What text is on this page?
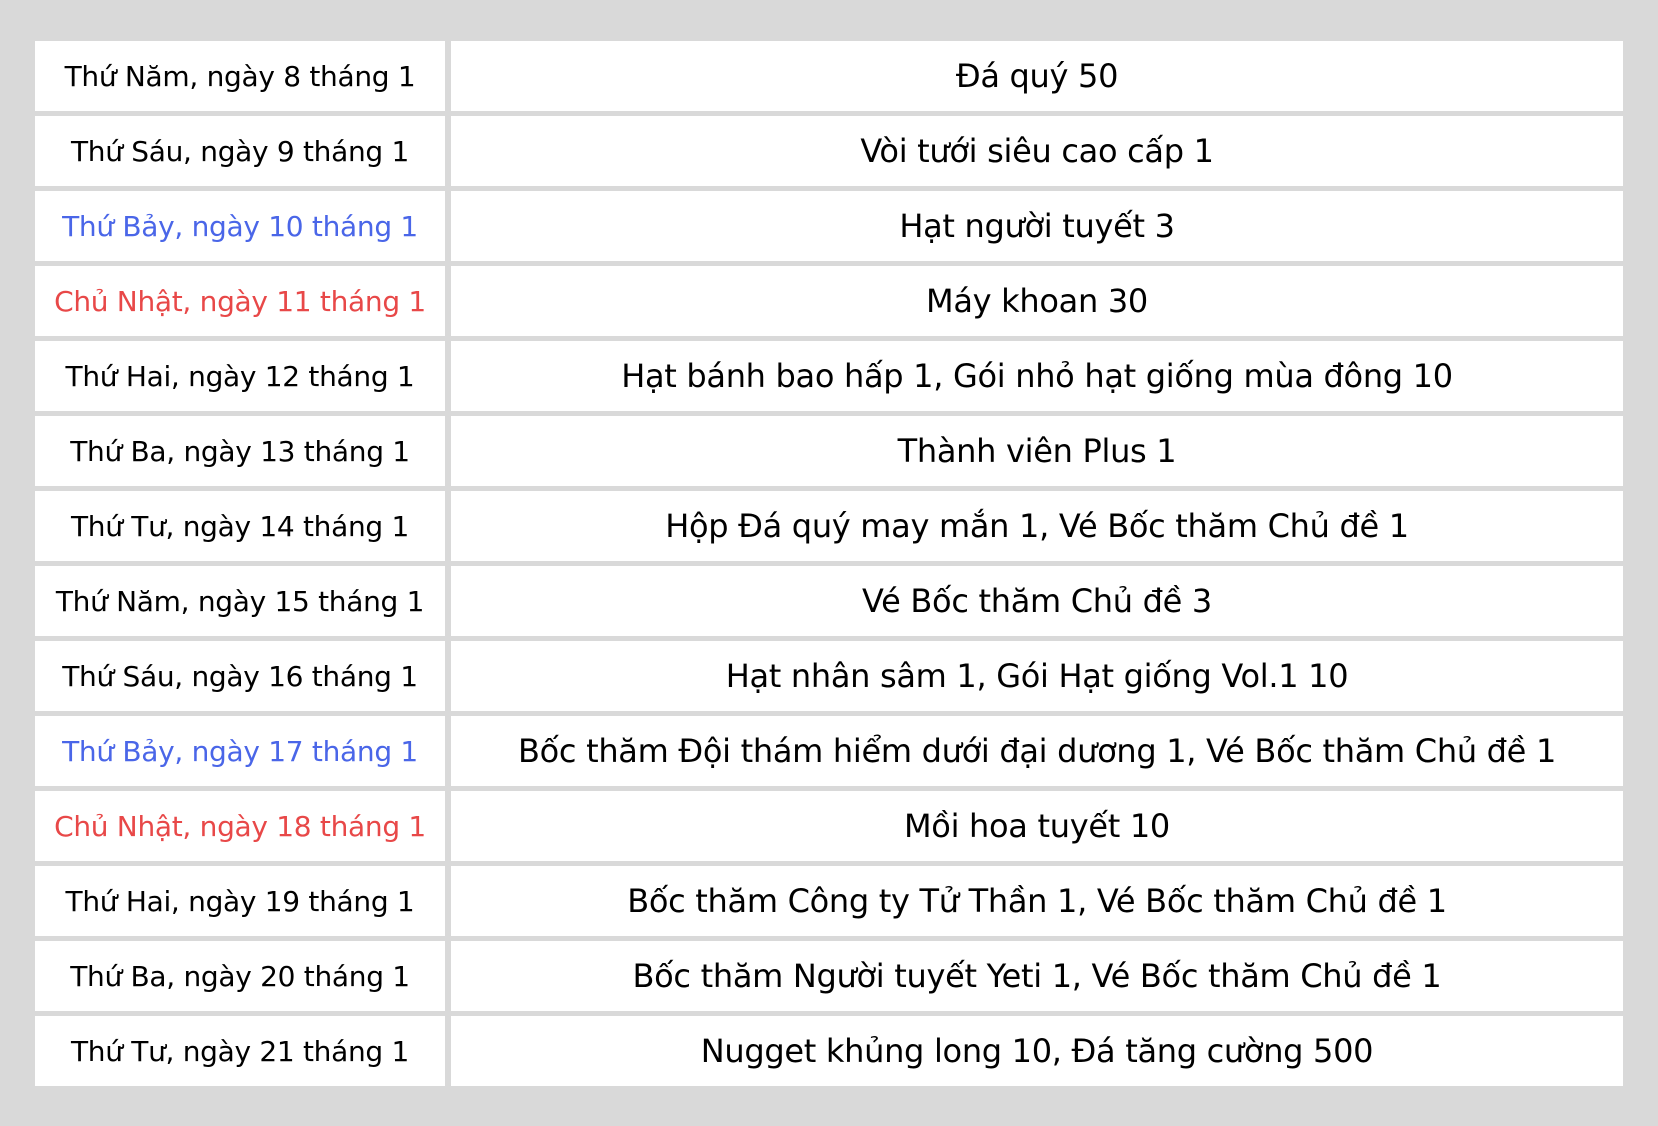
Thứ Năm, ngày 8 tháng 1	Đá quý 50
Thứ Sáu, ngày 9 tháng 1	Vòi tưới siêu cao cấp 1
Thứ Bảy, ngày 10 tháng 1	Hạt người tuyết 3
Chủ Nhật, ngày 11 tháng 1	Máy khoan 30
Thứ Hai, ngày 12 tháng 1	Hạt bánh bao hấp 1, Gói nhỏ hạt giống mùa đông 10
Thứ Ba, ngày 13 tháng 1	Thành viên Plus 1
Thứ Tư, ngày 14 tháng 1	Hộp Đá quý may mắn 1, Vé Bốc thăm Chủ đề 1
Thứ Năm, ngày 15 tháng 1	Vé Bốc thăm Chủ đề 3
Thứ Sáu, ngày 16 tháng 1	Hạt nhân sâm 1, Gói Hạt giống Vol.1 10
Thứ Bảy, ngày 17 tháng 1	Bốc thăm Đội thám hiểm dưới đại dương 1, Vé Bốc thăm Chủ đề 1
Chủ Nhật, ngày 18 tháng 1	Mồi hoa tuyết 10
Thứ Hai, ngày 19 tháng 1	Bốc thăm Công ty Tử Thần 1, Vé Bốc thăm Chủ đề 1
Thứ Ba, ngày 20 tháng 1	Bốc thăm Người tuyết Yeti 1, Vé Bốc thăm Chủ đề 1
Thứ Tư, ngày 21 tháng 1	Nugget khủng long 10, Đá tăng cường 500
